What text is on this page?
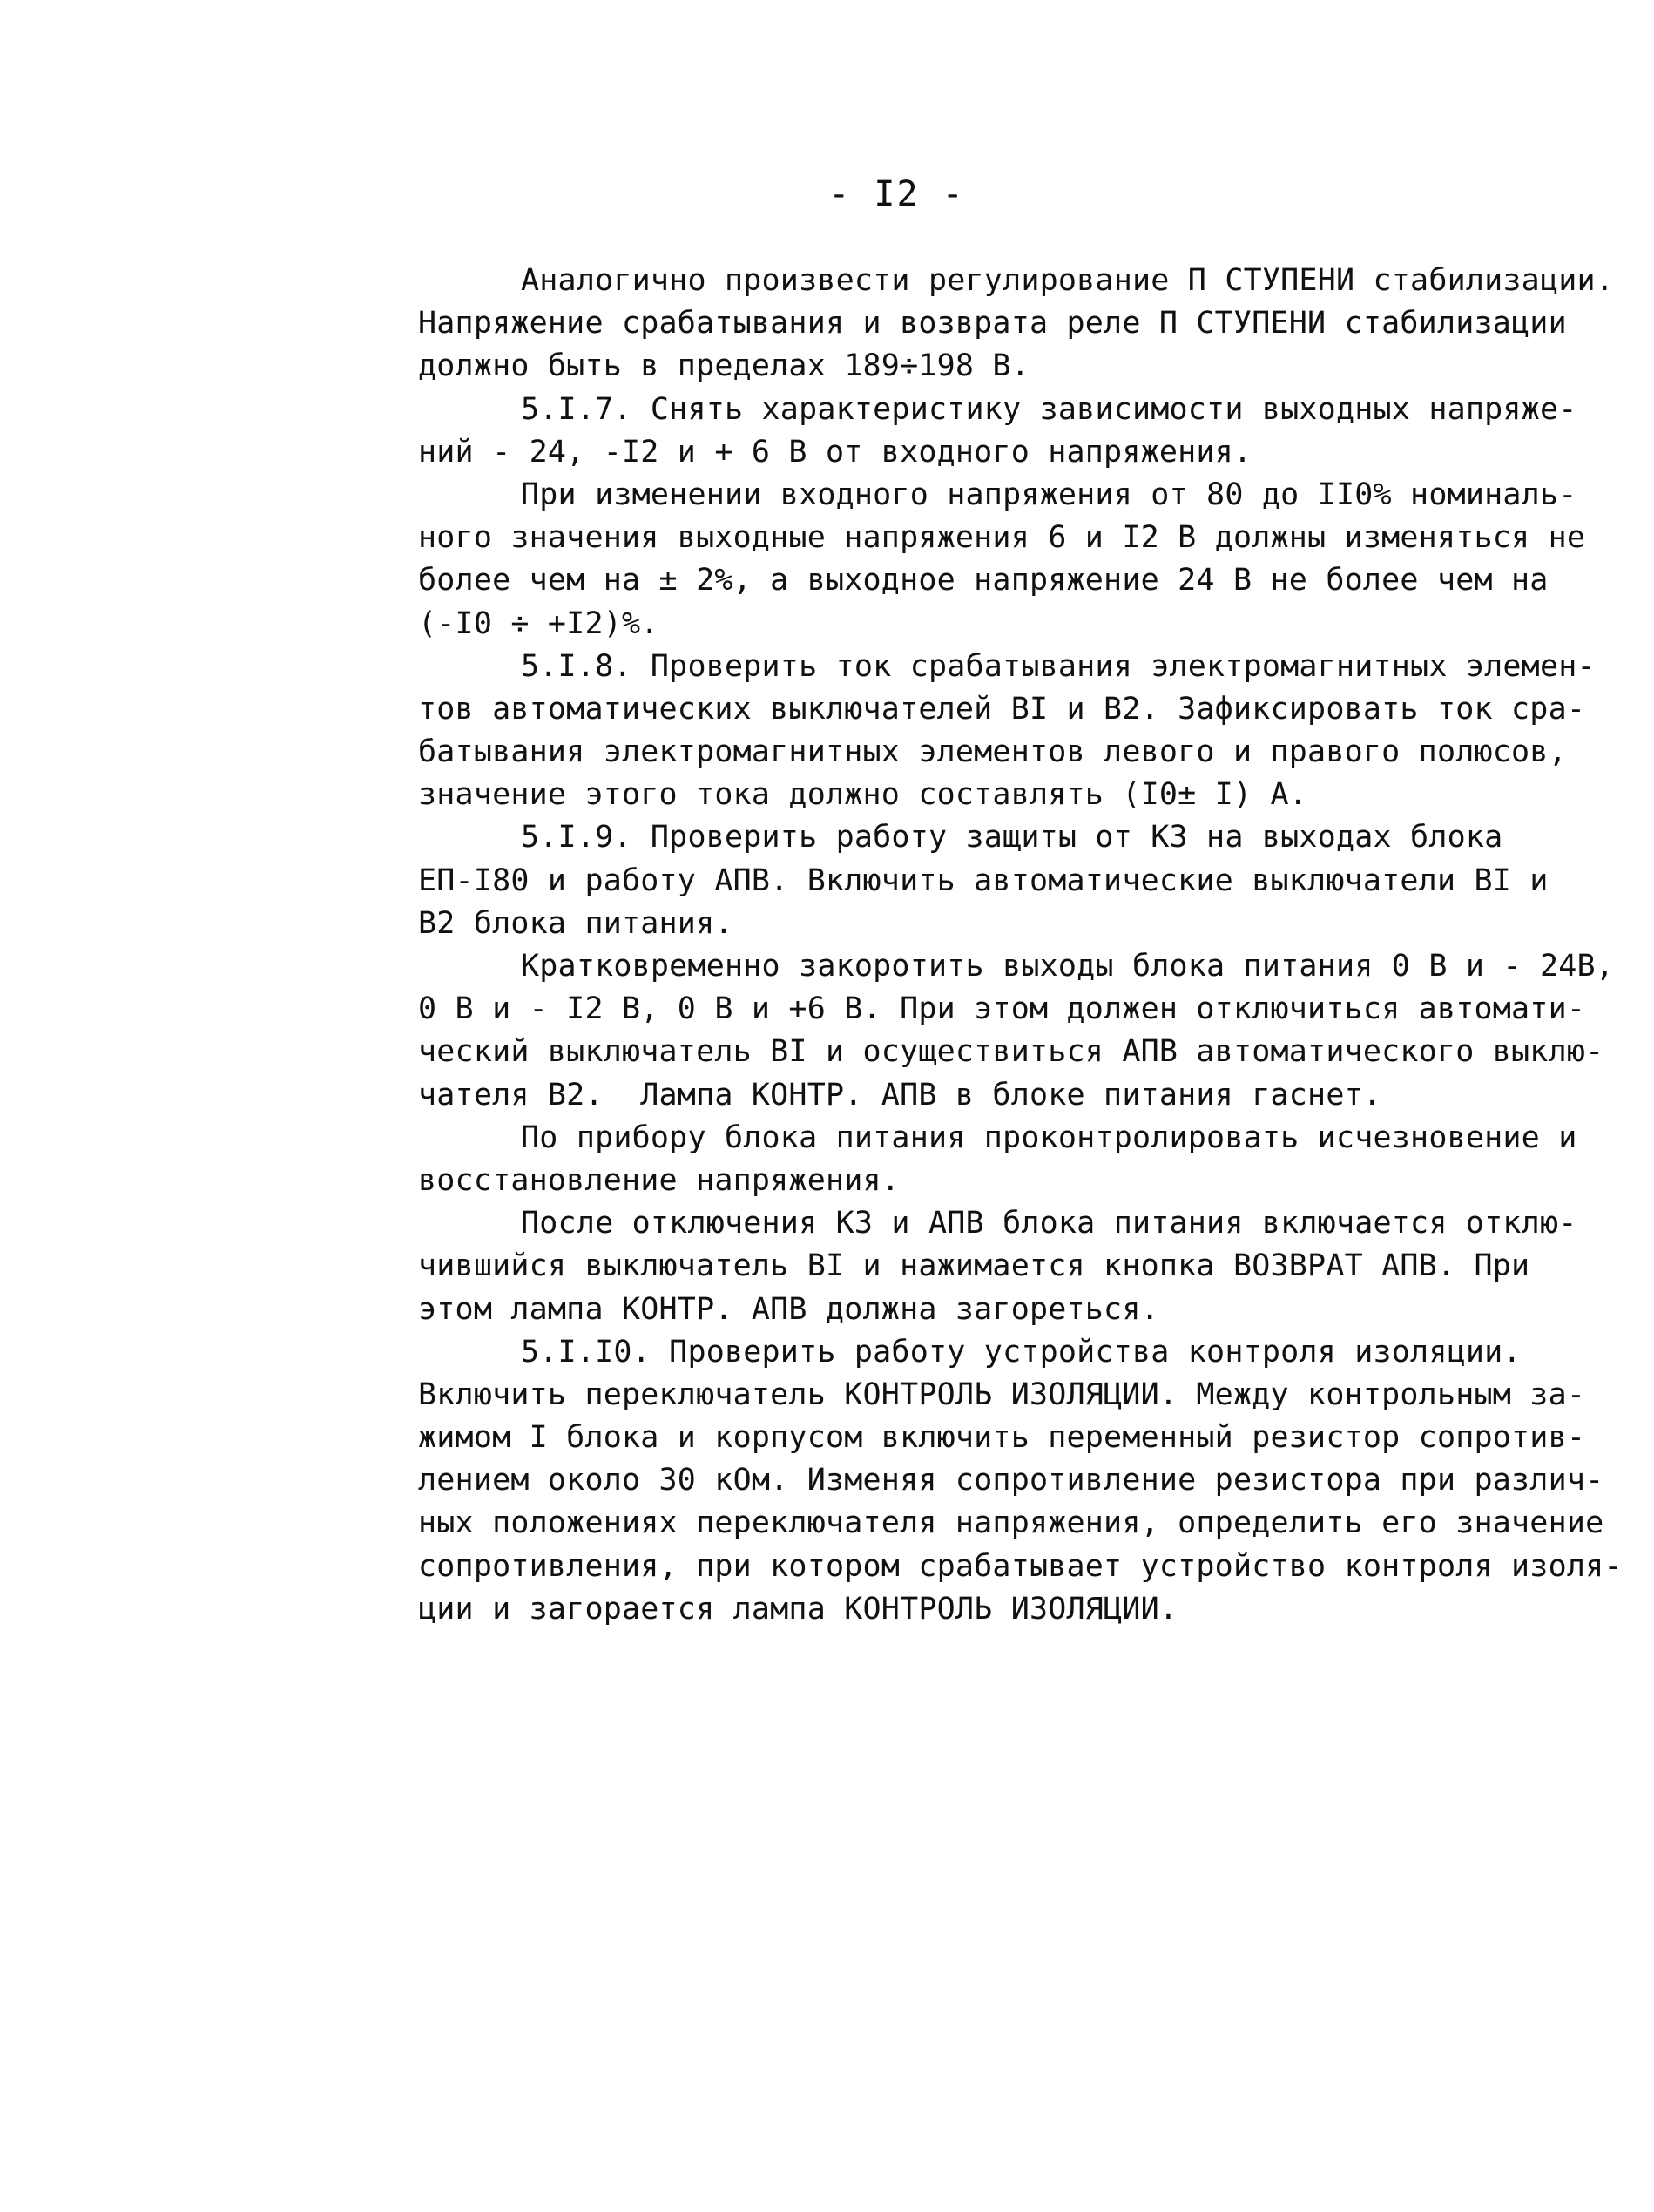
- I2 -
Аналогично произвести регулирование П СТУПЕНИ стабилизации.
Напряжение срабатывания и возврата реле П СТУПЕНИ стабилизации
должно быть в пределах 189÷198 В.
5.I.7. Снять характеристику зависимости выходных напряже-
ний - 24, -I2 и + 6 В от входного напряжения.
При изменении входного напряжения от 80 до II0% номиналь-
ного значения выходные напряжения 6 и I2 В должны изменяться не
более чем на ± 2%, а выходное напряжение 24 В не более чем на
(-I0 ÷ +I2)%.
5.I.8. Проверить ток срабатывания электромагнитных элемен-
тов автоматических выключателей BI и B2. Зафиксировать ток сра-
батывания электромагнитных элементов левого и правого полюсов,
значение этого тока должно составлять (I0± I) А.
5.I.9. Проверить работу защиты от КЗ на выходах блока
ЕП-I80 и работу АПВ. Включить автоматические выключатели BI и
B2 блока питания.
Кратковременно закоротить выходы блока питания 0 В и - 24В,
0 В и - I2 В, 0 В и +6 В. При этом должен отключиться автомати-
ческий выключатель BI и осуществиться АПВ автоматического выклю-
чателя B2.  Лампа КОНТР. АПВ в блоке питания гаснет.
По прибору блока питания проконтролировать исчезновение и
восстановление напряжения.
После отключения КЗ и АПВ блока питания включается отклю-
чившийся выключатель BI и нажимается кнопка ВОЗВРАТ АПВ. При
этом лампа КОНТР. АПВ должна загореться.
5.I.I0. Проверить работу устройства контроля изоляции.
Включить переключатель КОНТРОЛЬ ИЗОЛЯЦИИ. Между контрольным за-
жимом I блока и корпусом включить переменный резистор сопротив-
лением около 30 кОм. Изменяя сопротивление резистора при различ-
ных положениях переключателя напряжения, определить его значение
сопротивления, при котором срабатывает устройство контроля изоля-
ции и загорается лампа КОНТРОЛЬ ИЗОЛЯЦИИ.
